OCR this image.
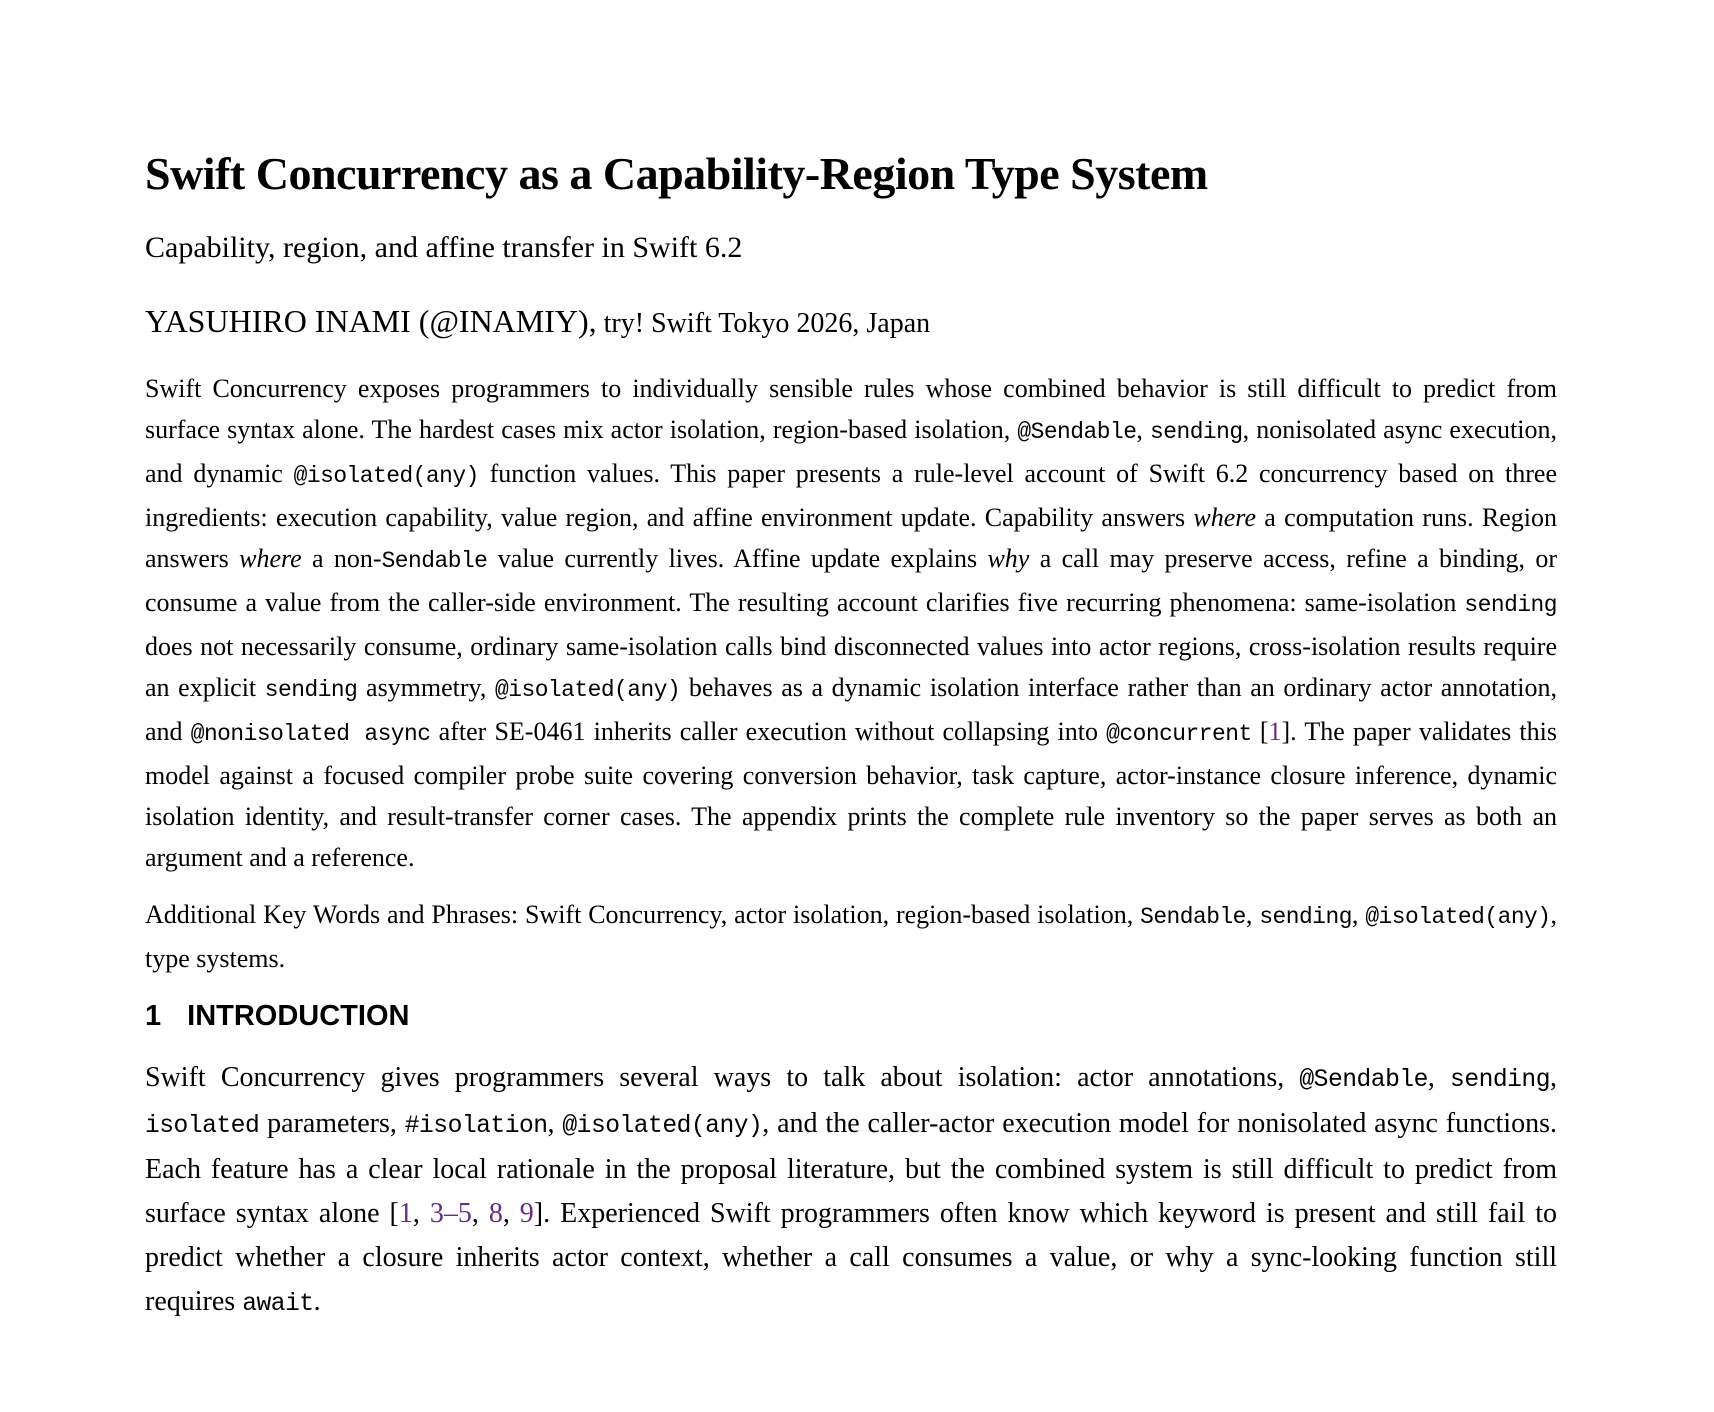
Swift Concurrency as a Capability-Region Type System
Capability, region, and affine transfer in Swift 6.2
YASUHIRO INAMI (@INAMIY), try! Swift Tokyo 2026, Japan

Swift Concurrency exposes programmers to individually sensible rules whose combined behavior is still difficult to predict from surface syntax alone. The hardest cases mix actor isolation, region-based isolation, @Sendable, sending, nonisolated async execution, and dynamic @isolated(any) function values. This paper presents a rule-level account of Swift 6.2 concurrency based on three ingredients: execution capability, value region, and affine environment update. Capability answers where a computation runs. Region answers where a non-Sendable value currently lives. Affine update explains why a call may preserve access, refine a binding, or consume a value from the caller-side environment. The resulting account clarifies five recurring phenomena: same-isolation sending does not necessarily consume, ordinary same-isolation calls bind disconnected values into actor regions, cross-isolation results require an explicit sending asymmetry, @isolated(any) behaves as a dynamic isolation interface rather than an ordinary actor annotation, and @nonisolated async after SE-0461 inherits caller execution without collapsing into @concurrent [1]. The paper validates this model against a focused compiler probe suite covering conversion behavior, task capture, actor-instance closure inference, dynamic isolation identity, and result-transfer corner cases. The appendix prints the complete rule inventory so the paper serves as both an argument and a reference.

Additional Key Words and Phrases: Swift Concurrency, actor isolation, region-based isolation, Sendable, sending, @isolated(any), type systems.

1 INTRODUCTION

Swift Concurrency gives programmers several ways to talk about isolation: actor annotations, @Sendable, sending, isolated parameters, #isolation, @isolated(any), and the caller-actor execution model for nonisolated async functions. Each feature has a clear local rationale in the proposal literature, but the combined system is still difficult to predict from surface syntax alone [1, 3–5, 8, 9]. Experienced Swift programmers often know which keyword is present and still fail to predict whether a closure inherits actor context, whether a call consumes a value, or why a sync-looking function still requires await.
